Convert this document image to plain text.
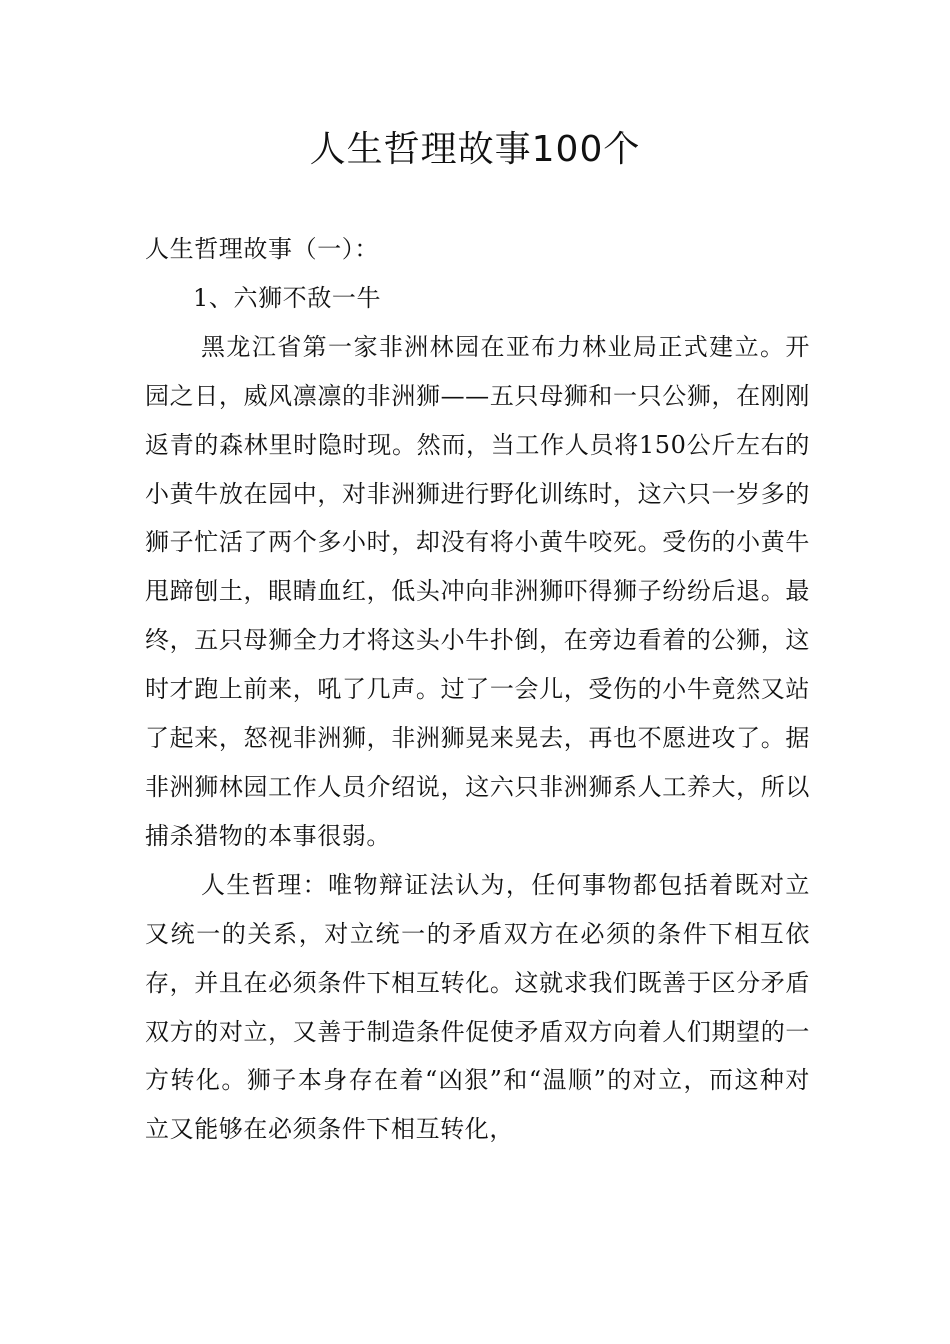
人生哲理故事100个

人生哲理故事（一）：

1、六狮不敌一牛

黑龙江省第一家非洲林园在亚布力林业局正式建立。开园之日，威风凛凛的非洲狮——五只母狮和一只公狮，在刚刚返青的森林里时隐时现。然而，当工作人员将150公斤左右的小黄牛放在园中，对非洲狮进行野化训练时，这六只一岁多的狮子忙活了两个多小时，却没有将小黄牛咬死。受伤的小黄牛甩蹄刨土，眼睛血红，低头冲向非洲狮吓得狮子纷纷后退。最终，五只母狮全力才将这头小牛扑倒，在旁边看着的公狮，这时才跑上前来，吼了几声。过了一会儿，受伤的小牛竟然又站了起来，怒视非洲狮，非洲狮晃来晃去，再也不愿进攻了。据非洲狮林园工作人员介绍说，这六只非洲狮系人工养大，所以捕杀猎物的本事很弱。

人生哲理：唯物辩证法认为，任何事物都包括着既对立又统一的关系，对立统一的矛盾双方在必须的条件下相互依存，并且在必须条件下相互转化。这就求我们既善于区分矛盾双方的对立，又善于制造条件促使矛盾双方向着人们期望的一方转化。狮子本身存在着“凶狠”和“温顺”的对立，而这种对立又能够在必须条件下相互转化，
